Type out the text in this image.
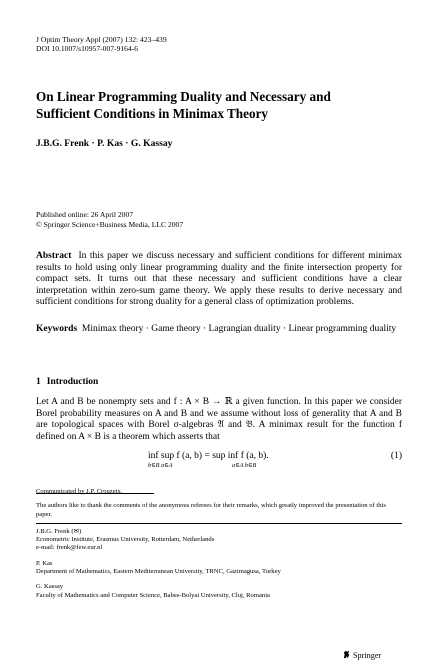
J Optim Theory Appl (2007) 132: 423–439
DOI 10.1007/s10957-007-9164-6
On Linear Programming Duality and Necessary and Sufficient Conditions in Minimax Theory
J.B.G. Frenk · P. Kas · G. Kassay
Published online: 26 April 2007
© Springer Science+Business Media, LLC 2007

Abstract In this paper we discuss necessary and sufficient conditions for different minimax results to hold using only linear programming duality and the finite intersection property for compact sets. It turns out that these necessary and sufficient conditions have a clear interpretation within zero-sum game theory. We apply these results to derive necessary and sufficient conditions for strong duality for a general class of optimization problems.

Keywords Minimax theory · Game theory · Lagrangian duality · Linear programming duality

1 Introduction

Let A and B be nonempty sets and f : A × B → ℝ a given function. In this paper we consider Borel probability measures on A and B and we assume without loss of generality that A and B are topological spaces with Borel σ-algebras 𝔄 and 𝔅. A minimax result for the function f defined on A × B is a theorem which asserts that

inf sup f (a, b) = sup inf f (a, b).
b∈B a∈A	a∈A b∈B
(1)

Communicated by J.P. Crouzeix.

The authors like to thank the comments of the anonymous referees for their remarks, which greatly improved the presentation of this paper.

J.B.G. Frenk (✉)
Econometric Institute, Erasmus University, Rotterdam, Netherlands
e-mail: frenk@few.eur.nl
P. Kas
Department of Mathematics, Eastern Mediterranean University, TRNC, Gazimagusa, Turkey
G. Kassay
Faculty of Mathematics and Computer Science, Babes-Bolyai University, Cluj, Romania
Springer
